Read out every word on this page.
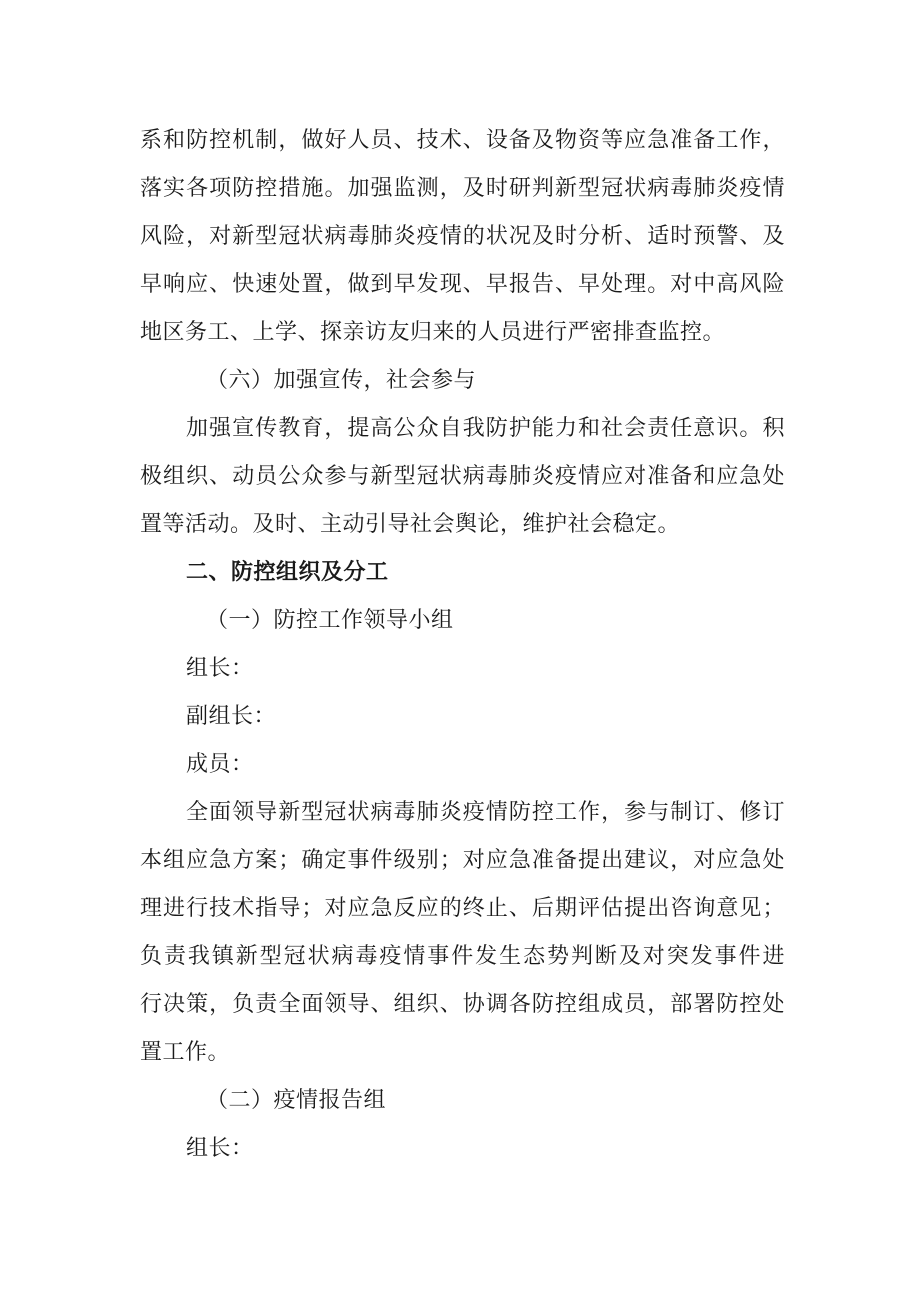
系和防控机制，做好人员、技术、设备及物资等应急准备工作，
落实各项防控措施。加强监测，及时研判新型冠状病毒肺炎疫情
风险，对新型冠状病毒肺炎疫情的状况及时分析、适时预警、及
早响应、快速处置，做到早发现、早报告、早处理。对中高风险
地区务工、上学、探亲访友归来的人员进行严密排查监控。
（六）加强宣传，社会参与
加强宣传教育，提高公众自我防护能力和社会责任意识。积
极组织、动员公众参与新型冠状病毒肺炎疫情应对准备和应急处
置等活动。及时、主动引导社会舆论，维护社会稳定。
二、防控组织及分工
（一）防控工作领导小组
组长：
副组长：
成员：
全面领导新型冠状病毒肺炎疫情防控工作，参与制订、修订
本组应急方案；确定事件级别；对应急准备提出建议，对应急处
理进行技术指导；对应急反应的终止、后期评估提出咨询意见；
负责我镇新型冠状病毒疫情事件发生态势判断及对突发事件进
行决策，负责全面领导、组织、协调各防控组成员，部署防控处
置工作。
（二）疫情报告组
组长：
